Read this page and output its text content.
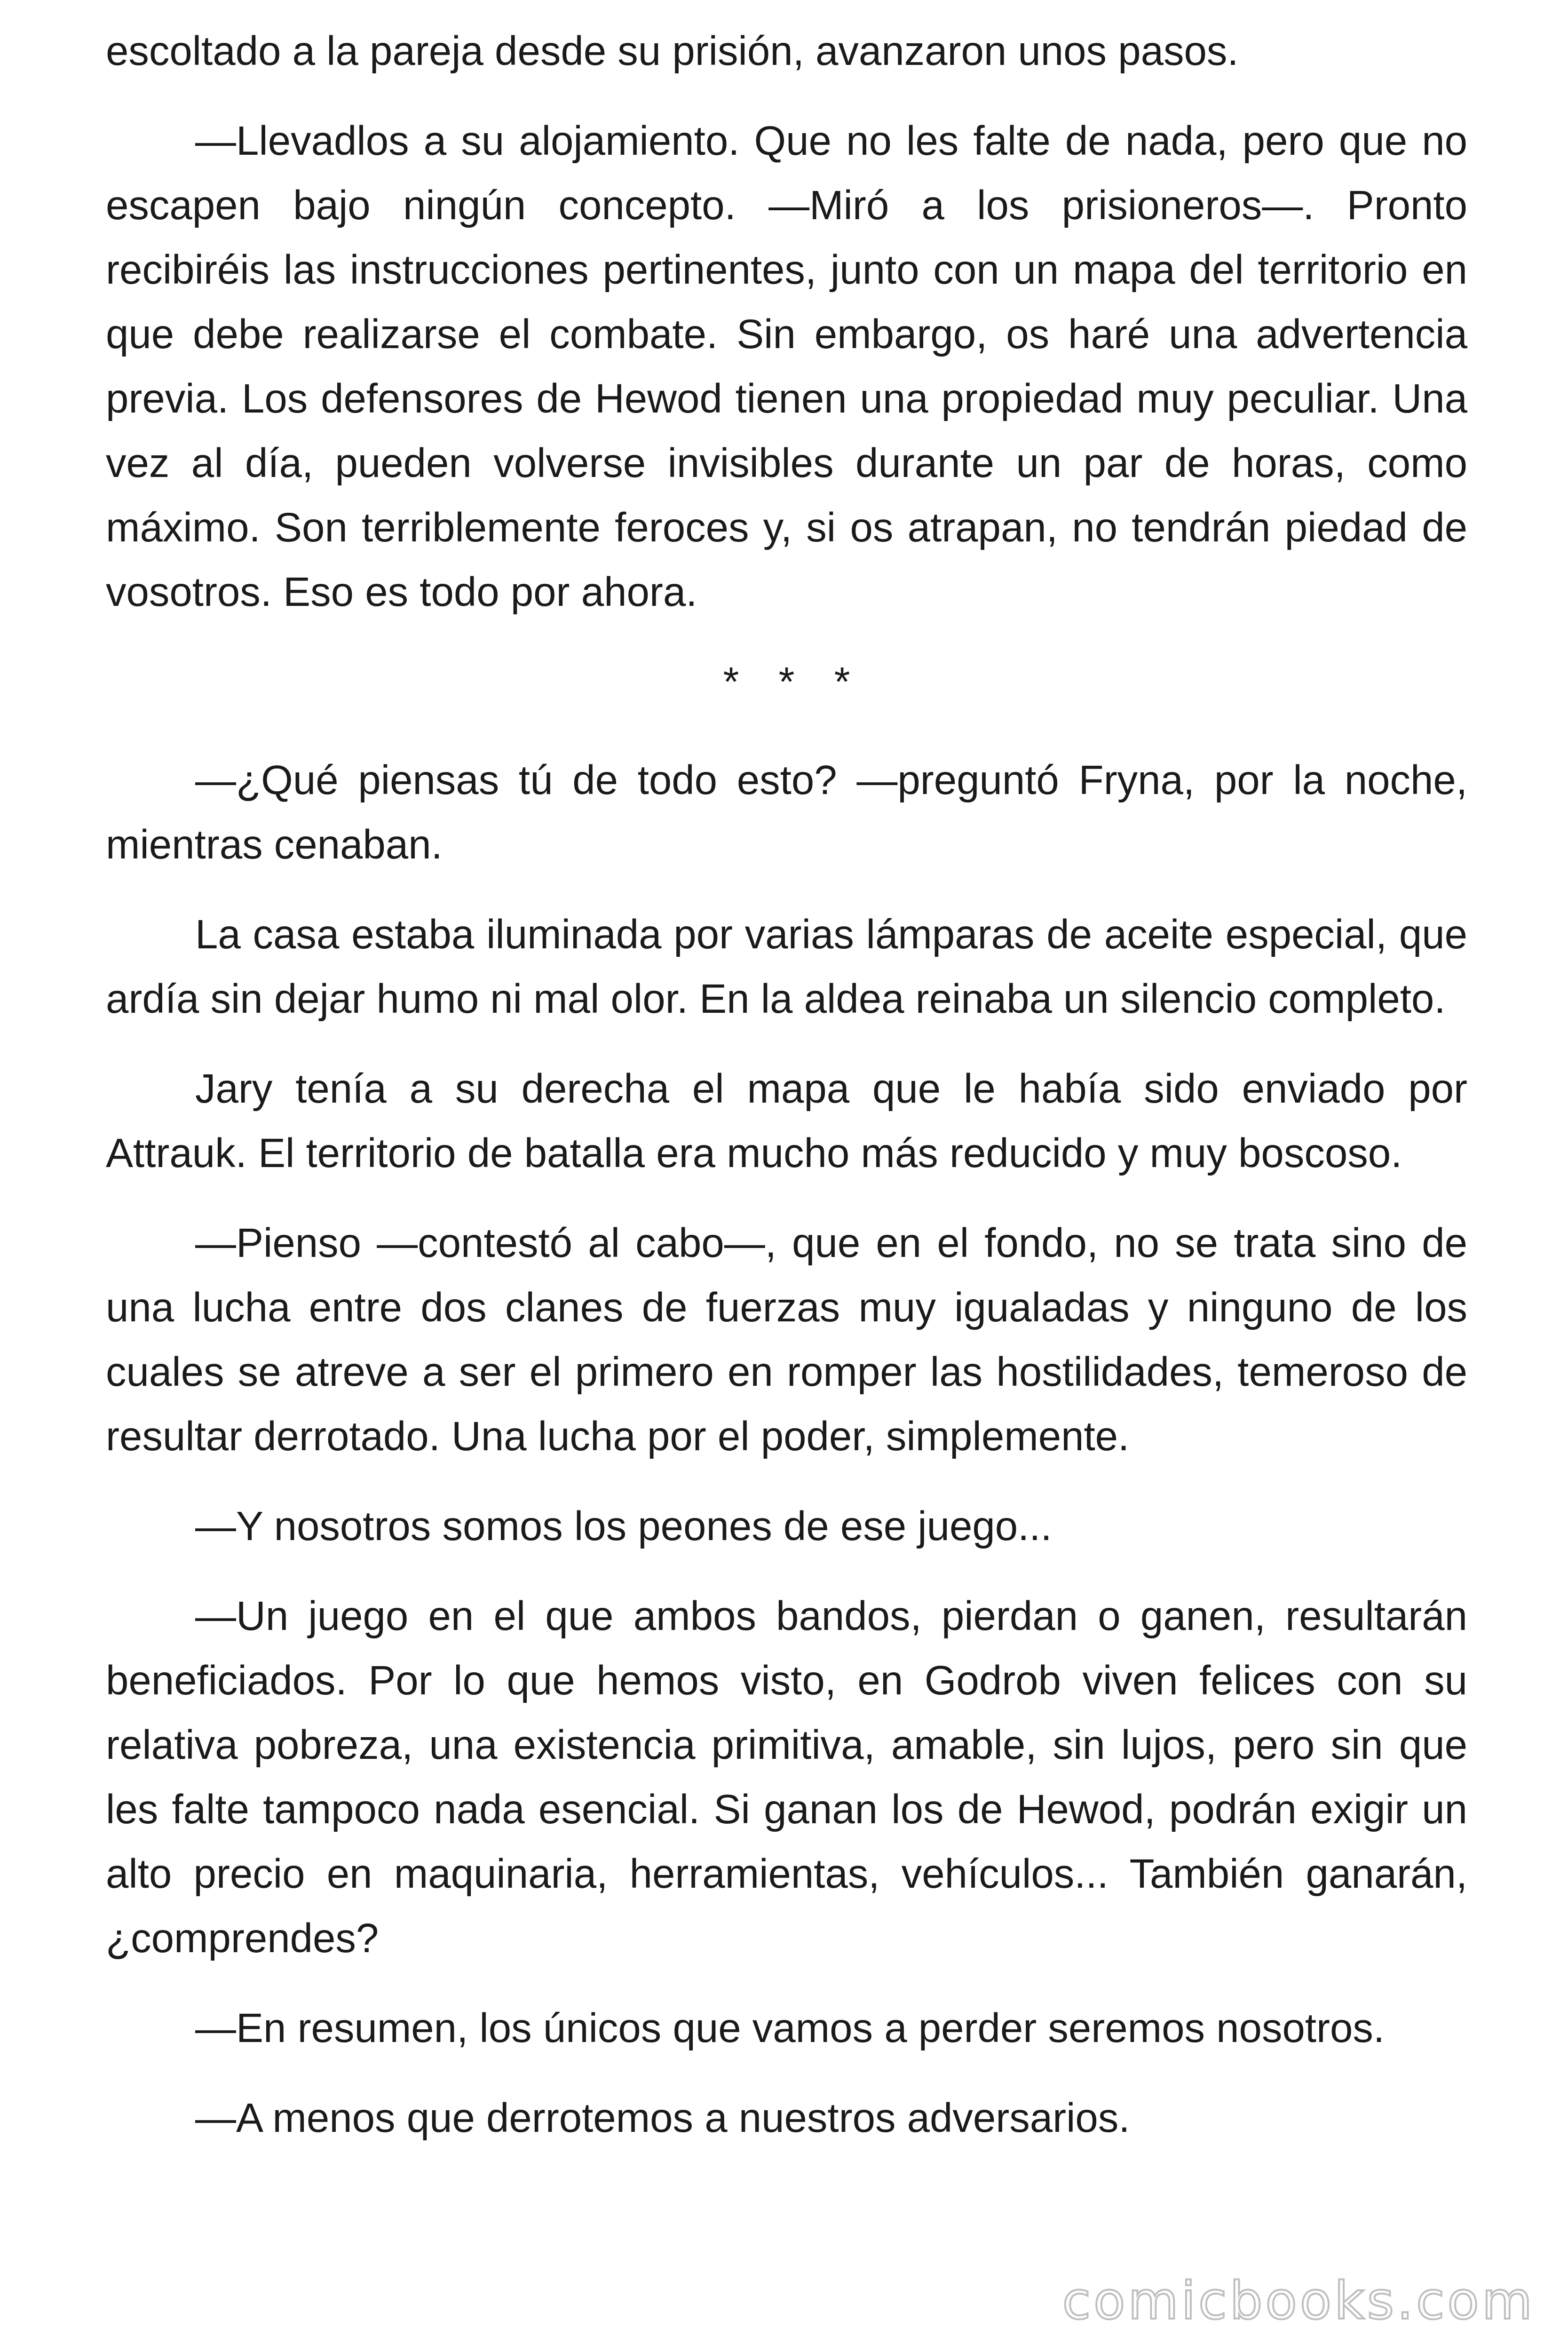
escoltado a la pareja desde su prisión, avanzaron unos pasos.

—Llevadlos a su alojamiento. Que no les falte de nada, pero que no escapen bajo ningún concepto. —Miró a los prisioneros—. Pronto recibiréis las instrucciones pertinentes, junto con un mapa del territorio en que debe realizarse el combate. Sin embargo, os haré una advertencia previa. Los defensores de Hewod tienen una propiedad muy peculiar. Una vez al día, pueden volverse invisibles durante un par de horas, como máximo. Son terriblemente feroces y, si os atrapan, no tendrán piedad de vosotros. Eso es todo por ahora.

* * *

—¿Qué piensas tú de todo esto? —preguntó Fryna, por la noche, mientras cenaban.

La casa estaba iluminada por varias lámparas de aceite especial, que ardía sin dejar humo ni mal olor. En la aldea reinaba un silencio completo.

Jary tenía a su derecha el mapa que le había sido enviado por Attrauk. El territorio de batalla era mucho más reducido y muy boscoso.

—Pienso —contestó al cabo—, que en el fondo, no se trata sino de una lucha entre dos clanes de fuerzas muy igualadas y ninguno de los cuales se atreve a ser el primero en romper las hostilidades, temeroso de resultar derrotado. Una lucha por el poder, simplemente.

—Y nosotros somos los peones de ese juego...

—Un juego en el que ambos bandos, pierdan o ganen, resultarán beneficiados. Por lo que hemos visto, en Godrob viven felices con su relativa pobreza, una existencia primitiva, amable, sin lujos, pero sin que les falte tampoco nada esencial. Si ganan los de Hewod, podrán exigir un alto precio en maquinaria, herramientas, vehículos... También ganarán, ¿comprendes?

—En resumen, los únicos que vamos a perder seremos nosotros.

—A menos que derrotemos a nuestros adversarios.

comicbooks.com
